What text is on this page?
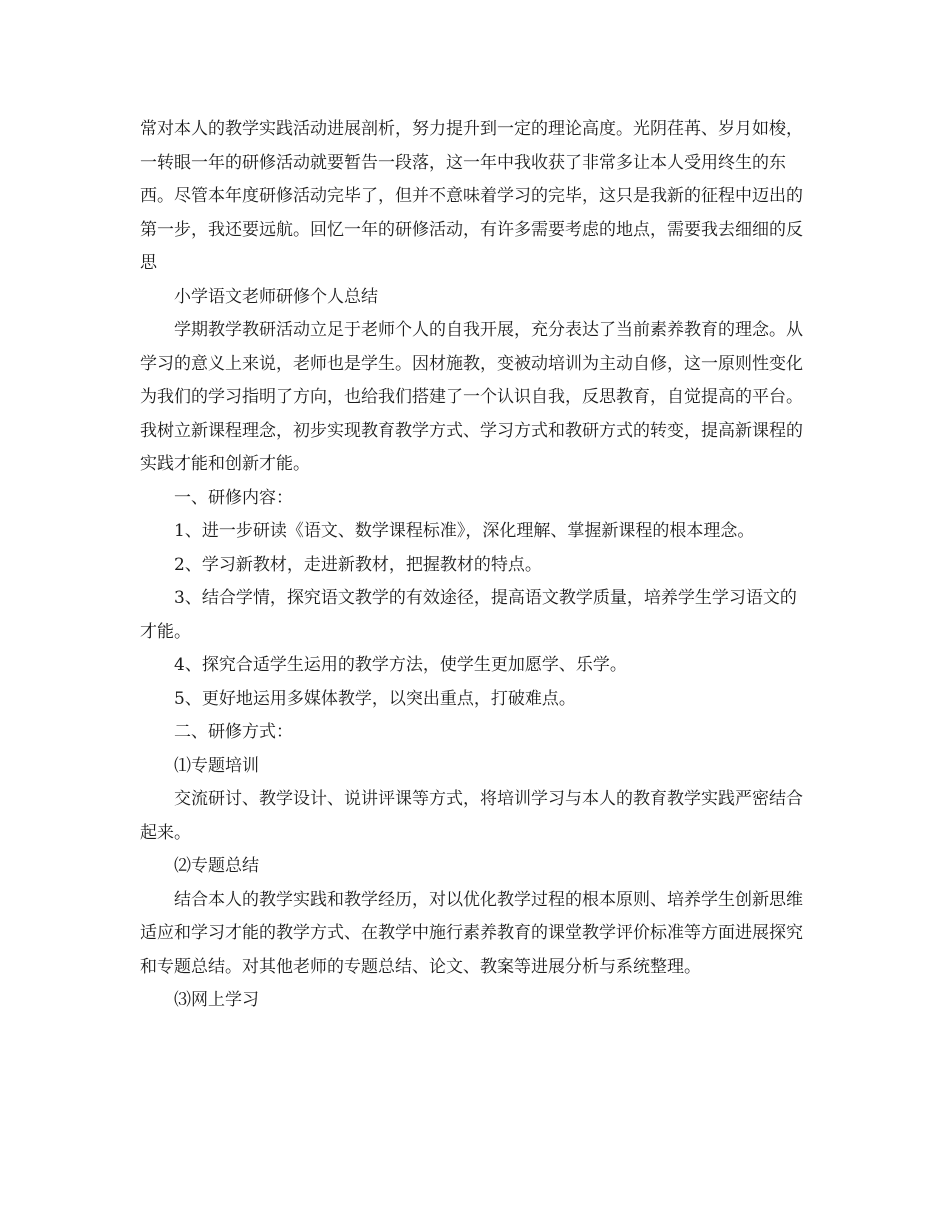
常对本人的教学实践活动进展剖析，努力提升到一定的理论高度。光阴荏苒、岁月如梭，一转眼一年的研修活动就要暂告一段落，这一年中我收获了非常多让本人受用终生的东西。尽管本年度研修活动完毕了，但并不意味着学习的完毕，这只是我新的征程中迈出的第一步，我还要远航。回忆一年的研修活动，有许多需要考虑的地点，需要我去细细的反思

小学语文老师研修个人总结

学期教学教研活动立足于老师个人的自我开展，充分表达了当前素养教育的理念。从学习的意义上来说，老师也是学生。因材施教，变被动培训为主动自修，这一原则性变化为我们的学习指明了方向，也给我们搭建了一个认识自我，反思教育，自觉提高的平台。我树立新课程理念，初步实现教育教学方式、学习方式和教研方式的转变，提高新课程的实践才能和创新才能。

一、研修内容：

1、进一步研读《语文、数学课程标准》，深化理解、掌握新课程的根本理念。

2、学习新教材，走进新教材，把握教材的特点。

3、结合学情，探究语文教学的有效途径，提高语文教学质量，培养学生学习语文的才能。

4、探究合适学生运用的教学方法，使学生更加愿学、乐学。

5、更好地运用多媒体教学，以突出重点，打破难点。

二、研修方式：

⑴专题培训

交流研讨、教学设计、说讲评课等方式，将培训学习与本人的教育教学实践严密结合起来。

⑵专题总结

结合本人的教学实践和教学经历，对以优化教学过程的根本原则、培养学生创新思维适应和学习才能的教学方式、在教学中施行素养教育的课堂教学评价标准等方面进展探究和专题总结。对其他老师的专题总结、论文、教案等进展分析与系统整理。

⑶网上学习
